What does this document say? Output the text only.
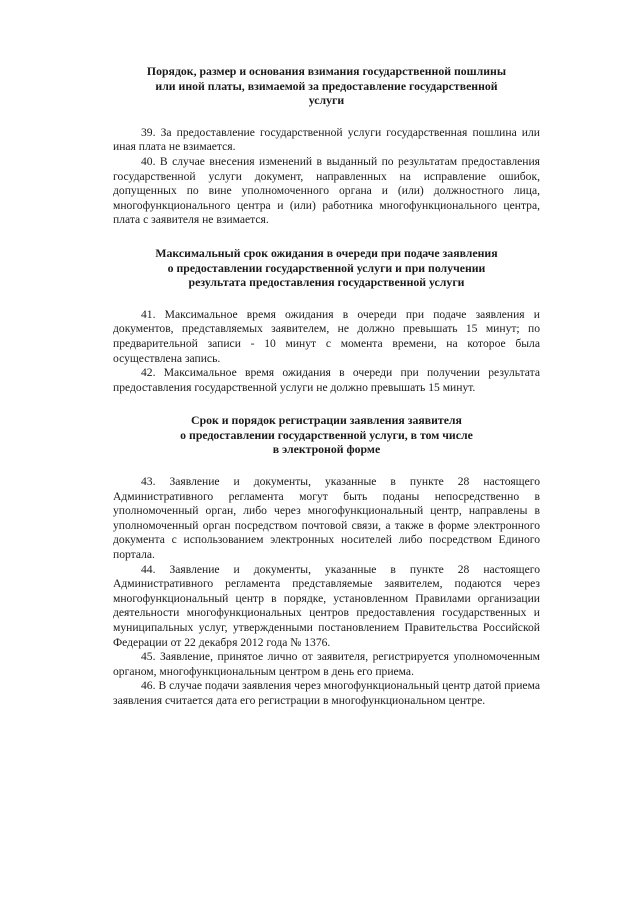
Порядок, размер и основания взимания государственной пошлины
или иной платы, взимаемой за предоставление государственной
услуги

39. За предоставление государственной услуги государственная пошлина или иная плата не взимается.

40. В случае внесения изменений в выданный по результатам предоставления государственной услуги документ, направленных на исправление ошибок, допущенных по вине уполномоченного органа и (или) должностного лица, многофункционального центра и (или) работника многофункционального центра, плата с заявителя не взимается.

Максимальный срок ожидания в очереди при подаче заявления
о предоставлении государственной услуги и при получении
результата предоставления государственной услуги

41. Максимальное время ожидания в очереди при подаче заявления и документов, представляемых заявителем, не должно превышать 15 минут; по предварительной записи - 10 минут с момента времени, на которое была осуществлена запись.

42. Максимальное время ожидания в очереди при получении результата предоставления государственной услуги не должно превышать 15 минут.

Срок и порядок регистрации заявления заявителя
о предоставлении государственной услуги, в том числе
в электроной форме

43. Заявление и документы, указанные в пункте 28 настоящего Административного регламента могут быть поданы непосредственно в уполномоченный орган, либо через многофункциональный центр, направлены в уполномоченный орган посредством почтовой связи, а также в форме электронного документа с использованием электронных носителей либо посредством Единого портала.

44. Заявление и документы, указанные в пункте 28 настоящего Административного регламента представляемые заявителем, подаются через многофункциональный центр в порядке, установленном Правилами организации деятельности многофункциональных центров предоставления государственных и муниципальных услуг, утвержденными постановлением Правительства Российской Федерации от 22 декабря 2012 года № 1376.

45. Заявление, принятое лично от заявителя, регистрируется уполномоченным органом, многофункциональным центром в день его приема.

46. В случае подачи заявления через многофункциональный центр датой приема заявления считается дата его регистрации в многофункциональном центре.
